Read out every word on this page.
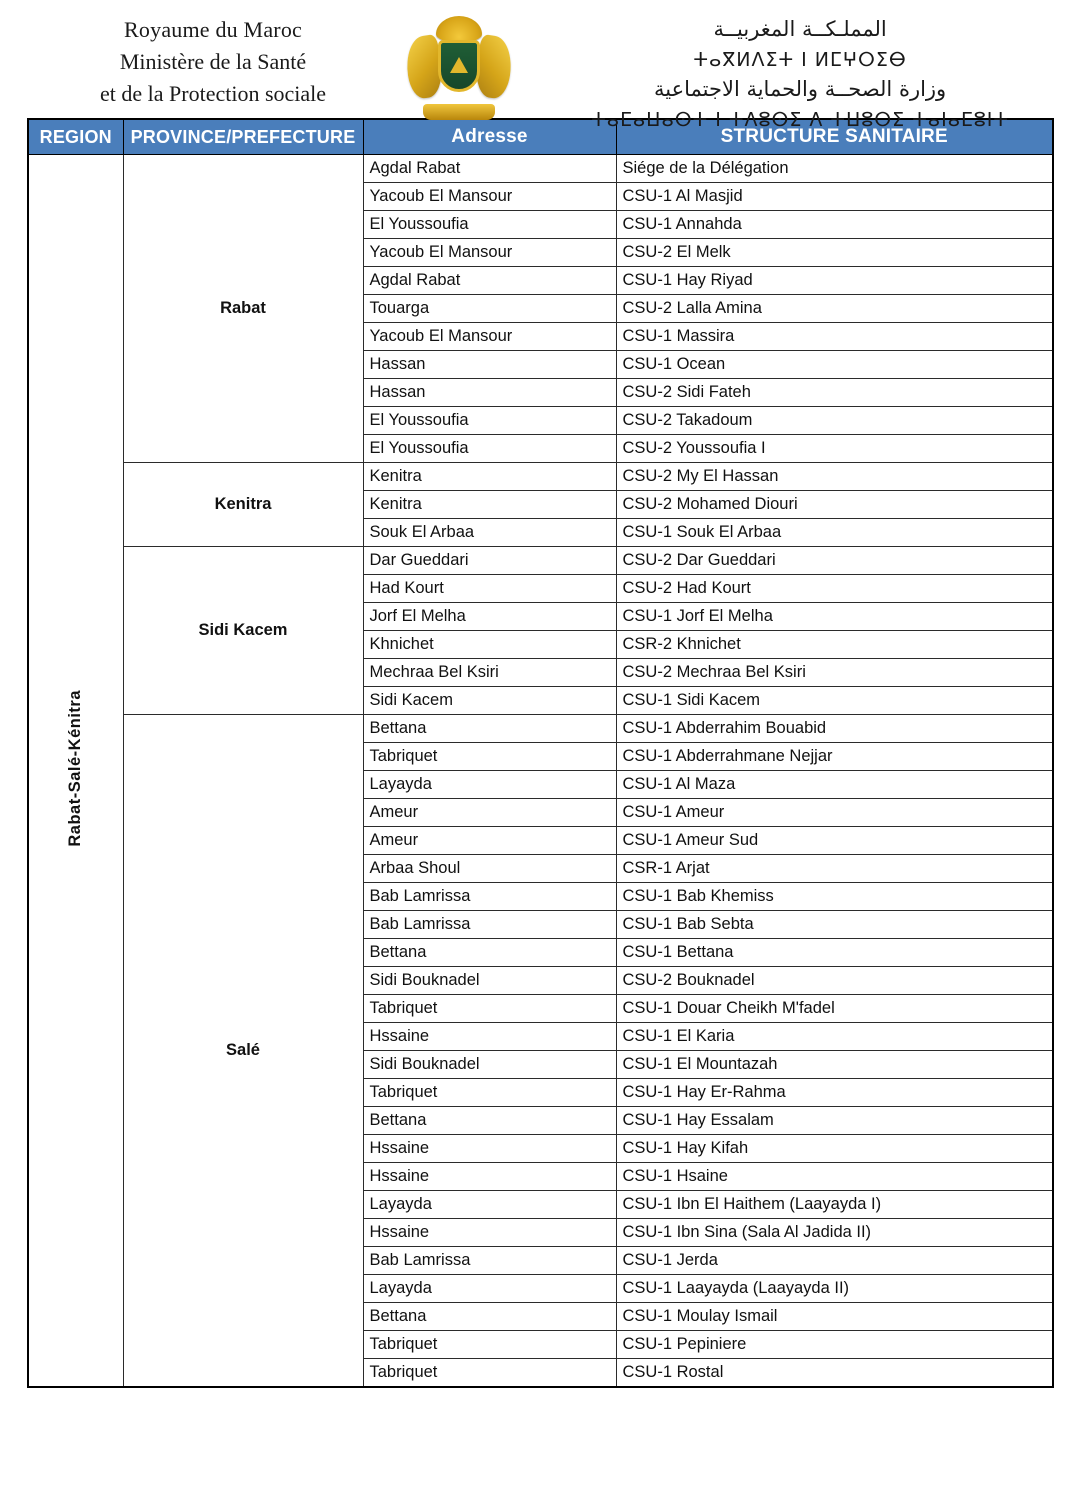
Royaume du Maroc
Ministère de la Santé
et de la Protection sociale
المملـكــة المغربيــة
ⵜⴰⴳⵍⴷⵉⵜ ⵏ ⵍⵎⵖⵔⵉⴱ
وزارة الصحــة والحماية الاجتماعية
ⵜⴰⵎⴰⵡⴰⵙⵜ ⵏ ⵜⴷⵓⵙⵉ ⴷ ⵜⵡⵓⵔⵉ ⵜⴰⵏⴰⵎⵓⵏⵜ
REGION	PROVINCE/PREFECTURE	Adresse	STRUCTURE SANITAIRE
Rabat-Salé-Kénitra	Rabat	Agdal Rabat	Siége de la Délégation
		Yacoub El Mansour	CSU-1 Al Masjid
		El Youssoufia	CSU-1 Annahda
		Yacoub El Mansour	CSU-2 El Melk
		Agdal Rabat	CSU-1 Hay Riyad
		Touarga	CSU-2 Lalla Amina
		Yacoub El Mansour	CSU-1 Massira
		Hassan	CSU-1 Ocean
		Hassan	CSU-2 Sidi Fateh
		El Youssoufia	CSU-2 Takadoum
		El Youssoufia	CSU-2 Youssoufia I
	Kenitra	Kenitra	CSU-2 My El Hassan
		Kenitra	CSU-2 Mohamed Diouri
		Souk El Arbaa	CSU-1 Souk El Arbaa
	Sidi Kacem	Dar Gueddari	CSU-2 Dar Gueddari
		Had Kourt	CSU-2 Had Kourt
		Jorf El Melha	CSU-1 Jorf El Melha
		Khnichet	CSR-2 Khnichet
		Mechraa Bel Ksiri	CSU-2 Mechraa Bel Ksiri
		Sidi Kacem	CSU-1 Sidi Kacem
	Salé	Bettana	CSU-1 Abderrahim Bouabid
		Tabriquet	CSU-1 Abderrahmane Nejjar
		Layayda	CSU-1 Al Maza
		Ameur	CSU-1 Ameur
		Ameur	CSU-1 Ameur Sud
		Arbaa Shoul	CSR-1 Arjat
		Bab Lamrissa	CSU-1 Bab Khemiss
		Bab Lamrissa	CSU-1 Bab Sebta
		Bettana	CSU-1 Bettana
		Sidi Bouknadel	CSU-2 Bouknadel
		Tabriquet	CSU-1 Douar Cheikh M'fadel
		Hssaine	CSU-1 El Karia
		Sidi Bouknadel	CSU-1 El Mountazah
		Tabriquet	CSU-1 Hay Er-Rahma
		Bettana	CSU-1 Hay Essalam
		Hssaine	CSU-1 Hay Kifah
		Hssaine	CSU-1 Hsaine
		Layayda	CSU-1 Ibn El Haithem (Laayayda I)
		Hssaine	CSU-1 Ibn Sina (Sala Al Jadida II)
		Bab Lamrissa	CSU-1 Jerda
		Layayda	CSU-1 Laayayda (Laayayda II)
		Bettana	CSU-1 Moulay Ismail
		Tabriquet	CSU-1 Pepiniere
		Tabriquet	CSU-1 Rostal
